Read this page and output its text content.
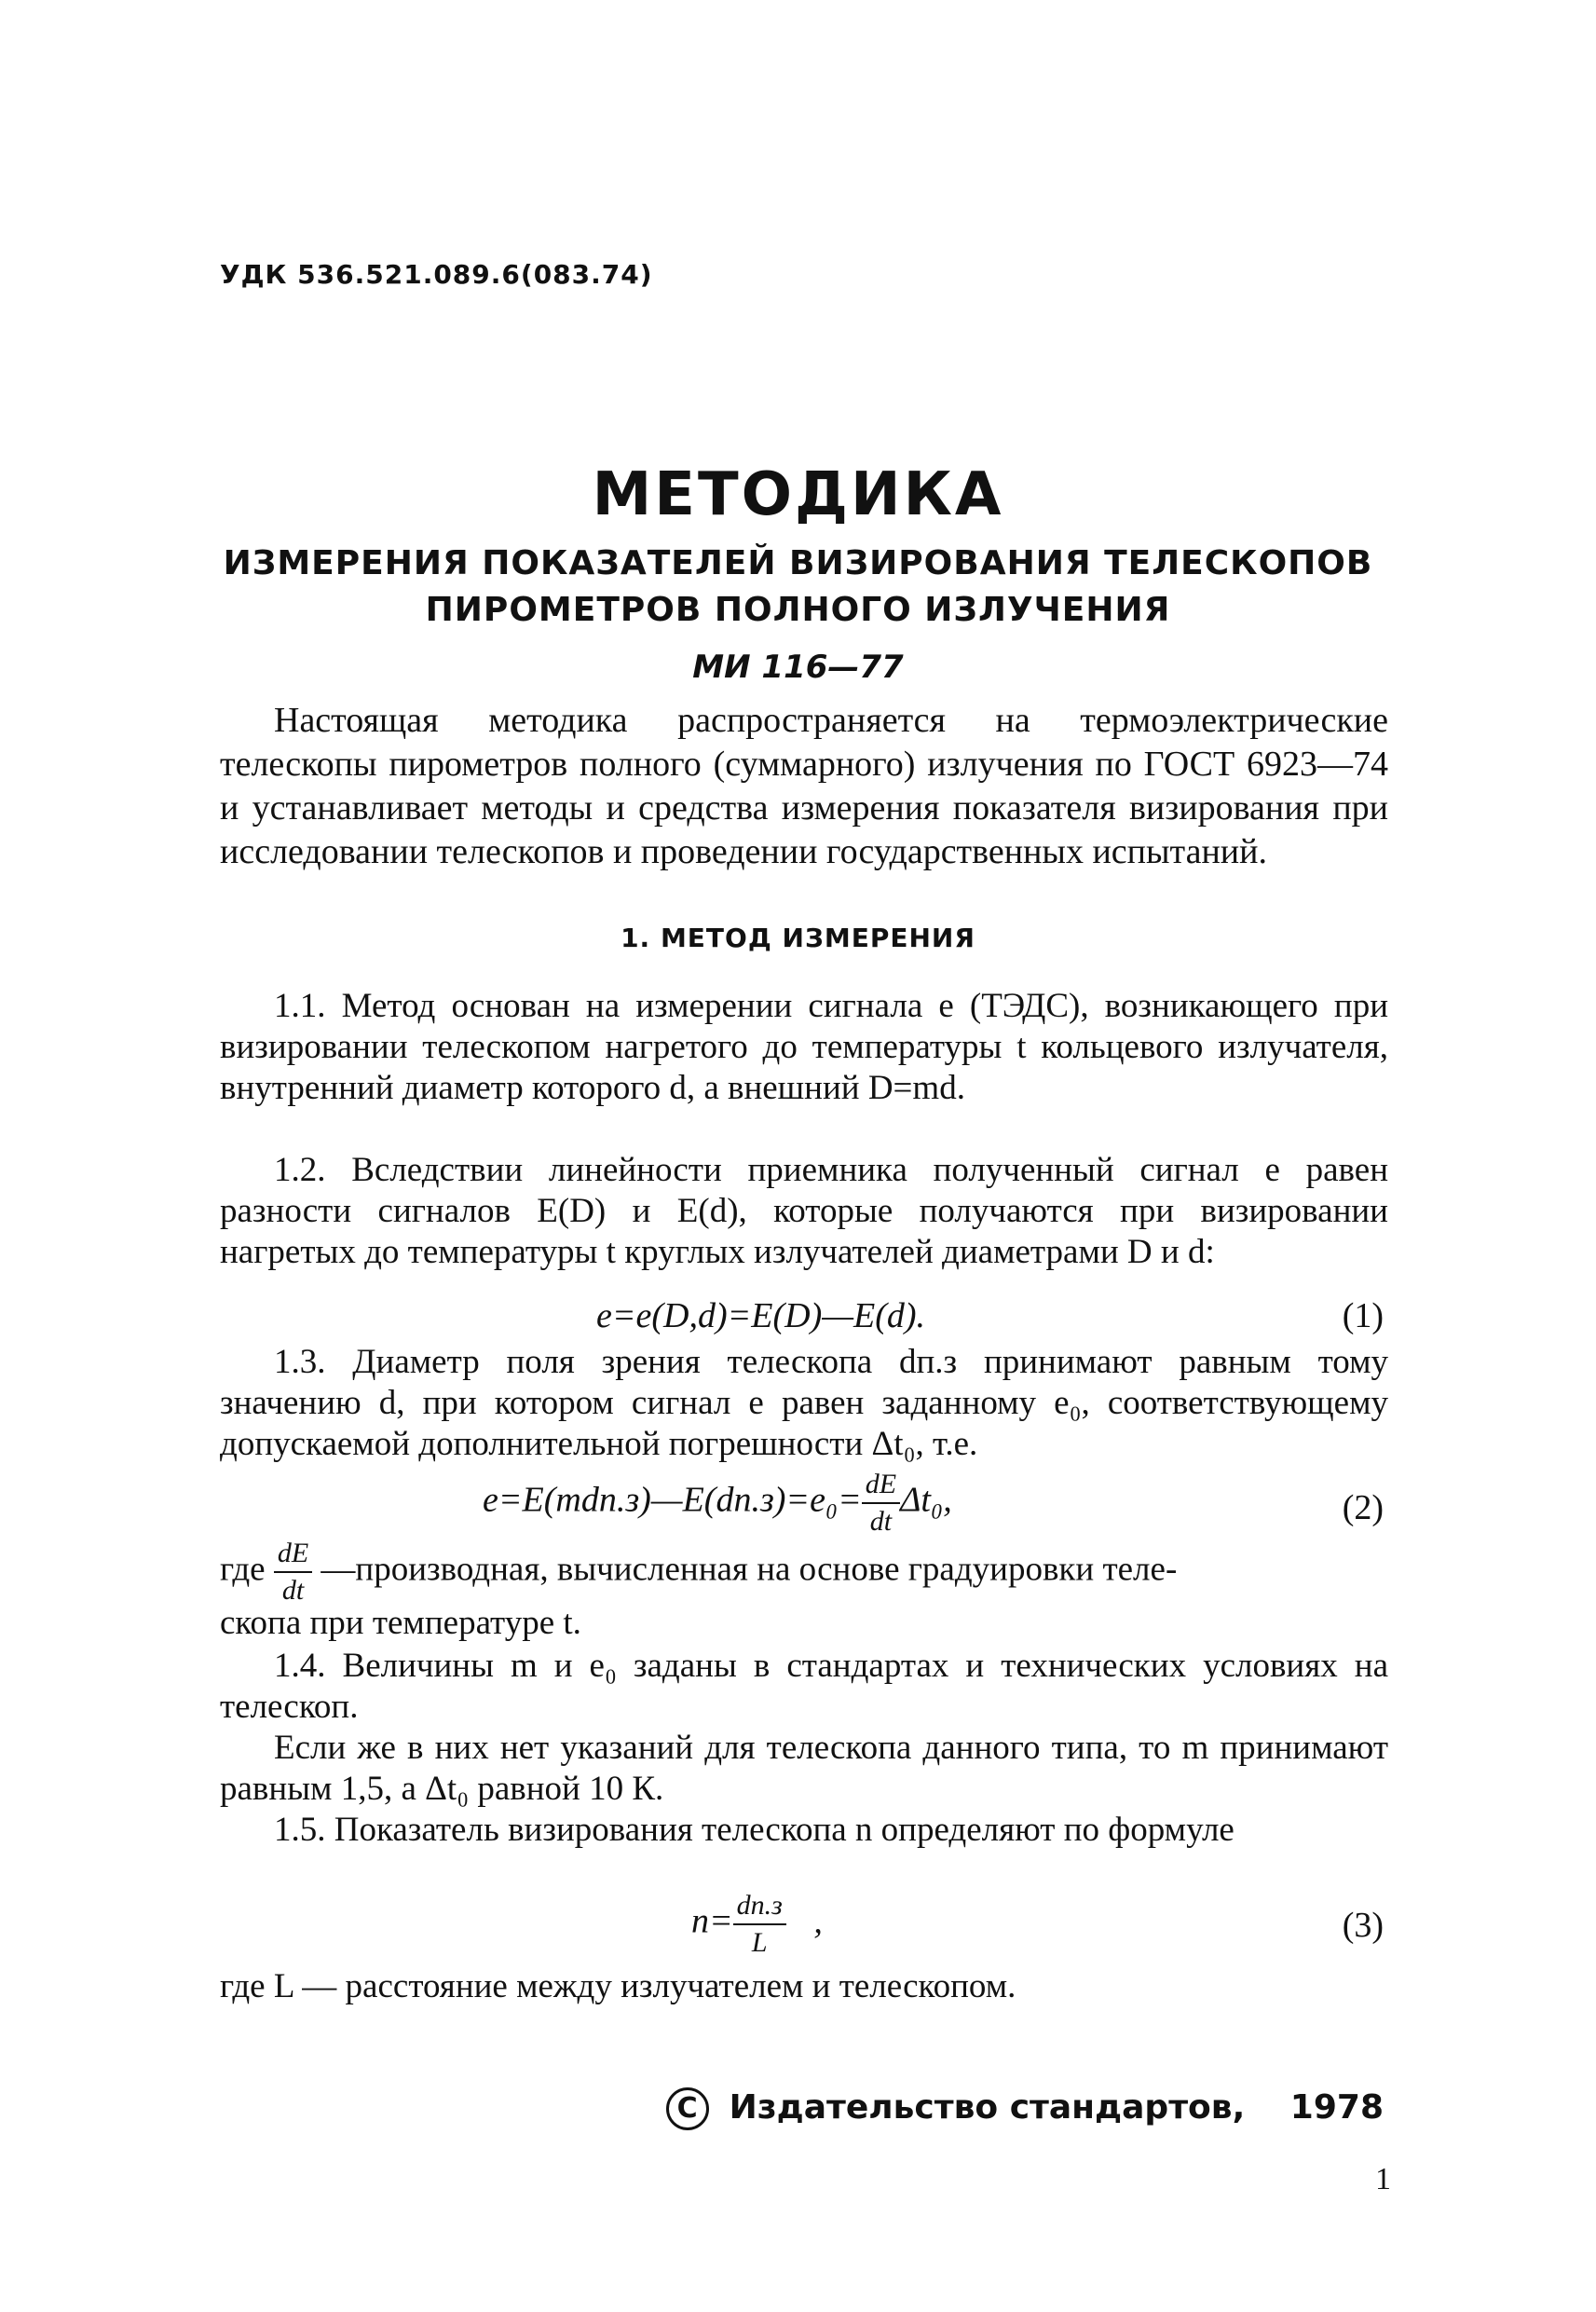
УДК 536.521.089.6(083.74)
МЕТОДИКА
ИЗМЕРЕНИЯ ПОКАЗАТЕЛЕЙ ВИЗИРОВАНИЯ ТЕЛЕСКОПОВ
ПИРОМЕТРОВ ПОЛНОГО ИЗЛУЧЕНИЯ
МИ 116—77

Настоящая методика распространяется на термоэлектрические телескопы пирометров полного (суммарного) излучения по ГОСТ 6923—74 и устанавливает методы и средства измерения показателя визирования при исследовании телескопов и проведении государственных испытаний.

1. МЕТОД ИЗМЕРЕНИЯ

1.1. Метод основан на измерении сигнала e (ТЭДС), возникающего при визировании телескопом нагретого до температуры t кольцевого излучателя, внутренний диаметр которого d, а внешний D=md.

1.2. Вследствии линейности приемника полученный сигнал e равен разности сигналов E(D) и E(d), которые получаются при визировании нагретых до температуры t круглых излучателей диаметрами D и d:

e=e(D,d)=E(D)—E(d).	(1)

1.3. Диаметр поля зрения телескопа dп.з принимают равным тому значению d, при котором сигнал e равен заданному e₀, соответствующему допускаемой дополнительной погрешности Δt₀, т.е.

e=E(mdп.з)—E(dп.з)=e₀= $\frac{dE}{dt} \Delta t_0$,	(2)
где $\frac{dE}{dt}$ —производная, вычисленная на основе градуировки теле-

скопа при температуре t.

1.4. Величины m и e₀ заданы в стандартах и технических условиях на телескоп.

Если же в них нет указаний для телескопа данного типа, то m принимают равным 1,5, а Δt₀ равной 10 К.

1.5. Показатель визирования телескопа n определяют по формуле

$n= \frac{dп.з}{L}$ ,	(3)

где L — расстояние между излучателем и телескопом.

C Издательство стандартов, 1978
1
